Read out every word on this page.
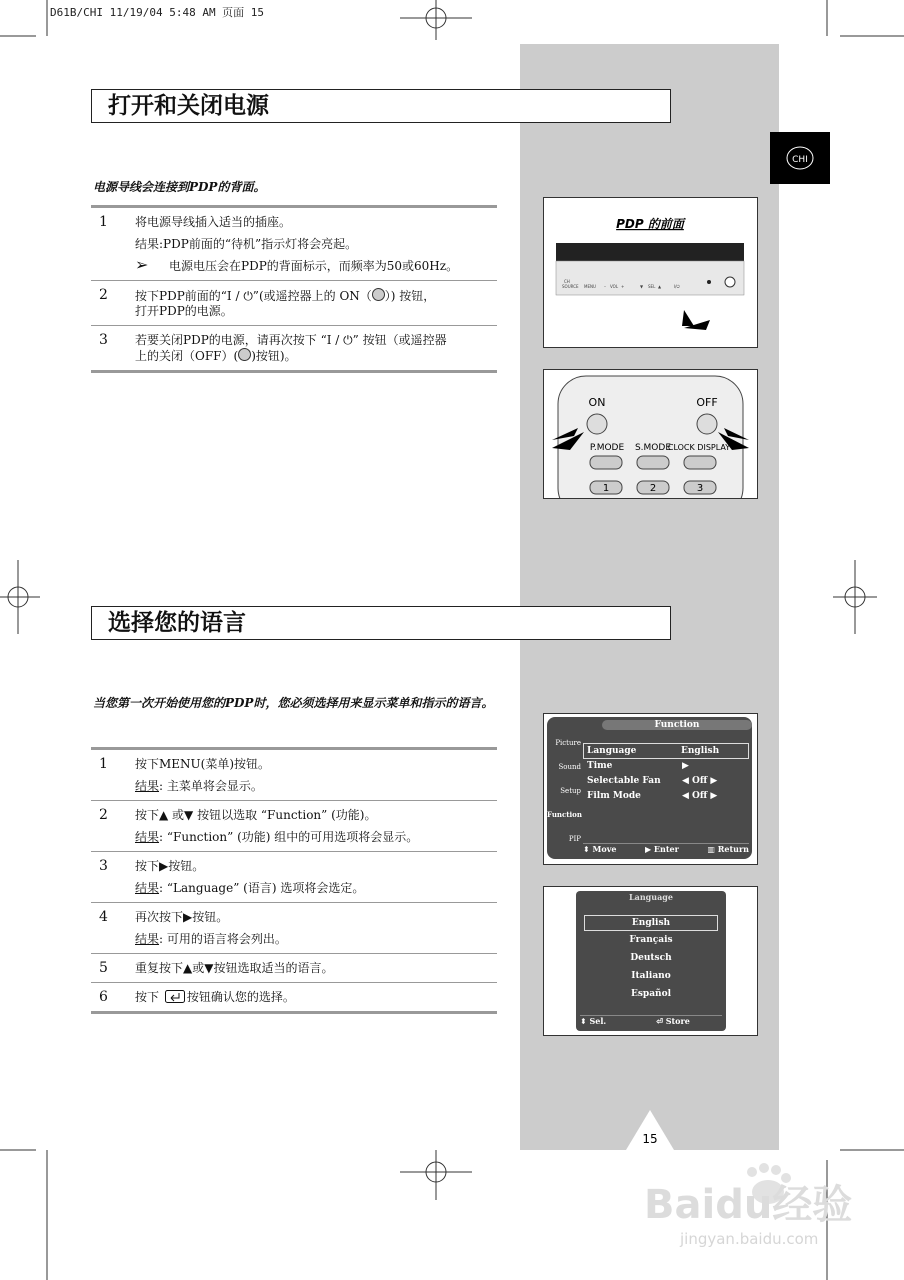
D61B/CHI 11/19/04 5:48 AM 页面 15
CHI
打开和关闭电源
电源导线会连接到PDP的背面。
1 将电源导线插入适当的插座。
结果:PDP前面的“待机”指示灯将会亮起。
➢ 电源电压会在PDP的背面标示，而频率为50或60Hz。
2 按下PDP前面的“Ⅰ / ⏻”(或遥控器上的 ON（ ）) 按钮，
打开PDP的电源。
3 若要关闭PDP的电源，请再次按下 “Ⅰ / ⏻” 按钮（或遥控器
上的关闭（OFF）( )按钮)。
PDP 的前面
CH
SOURCE MENU – VOL +	▼ SEL ▲	I/⏻
ON	OFF
P.MODE S.MODE
CLOCK DISPLAY
1	2	3
选择您的语言
当您第一次开始使用您的PDP时，您必须选择用来显示菜单和指示的语言。
1 按下MENU(菜单)按钮。
结果: 主菜单将会显示。
2 按下▲ 或▼ 按钮以选取 “Function” (功能)。
结果: “Function” (功能) 组中的可用选项将会显示。
3 按下▶按钮。
结果: “Language” (语言) 选项将会选定。
4 再次按下▶按钮。
结果: 可用的语言将会列出。
5 重复按下▲或▼按钮选取适当的语言。
6 按下 按钮确认您的选择。
Function
Picture
Sound
Setup
Function
PIP
Language	English
Time	▶
Selectable Fan	◀ Off ▶
Film Mode	◀ Off ▶
⬍ Move	▶ Enter	▥ Return
Language
English
Français
Deutsch
Italiano
Español
⬍ Sel.	⏎ Store
15
Baidu经验
jingyan.baidu.com
